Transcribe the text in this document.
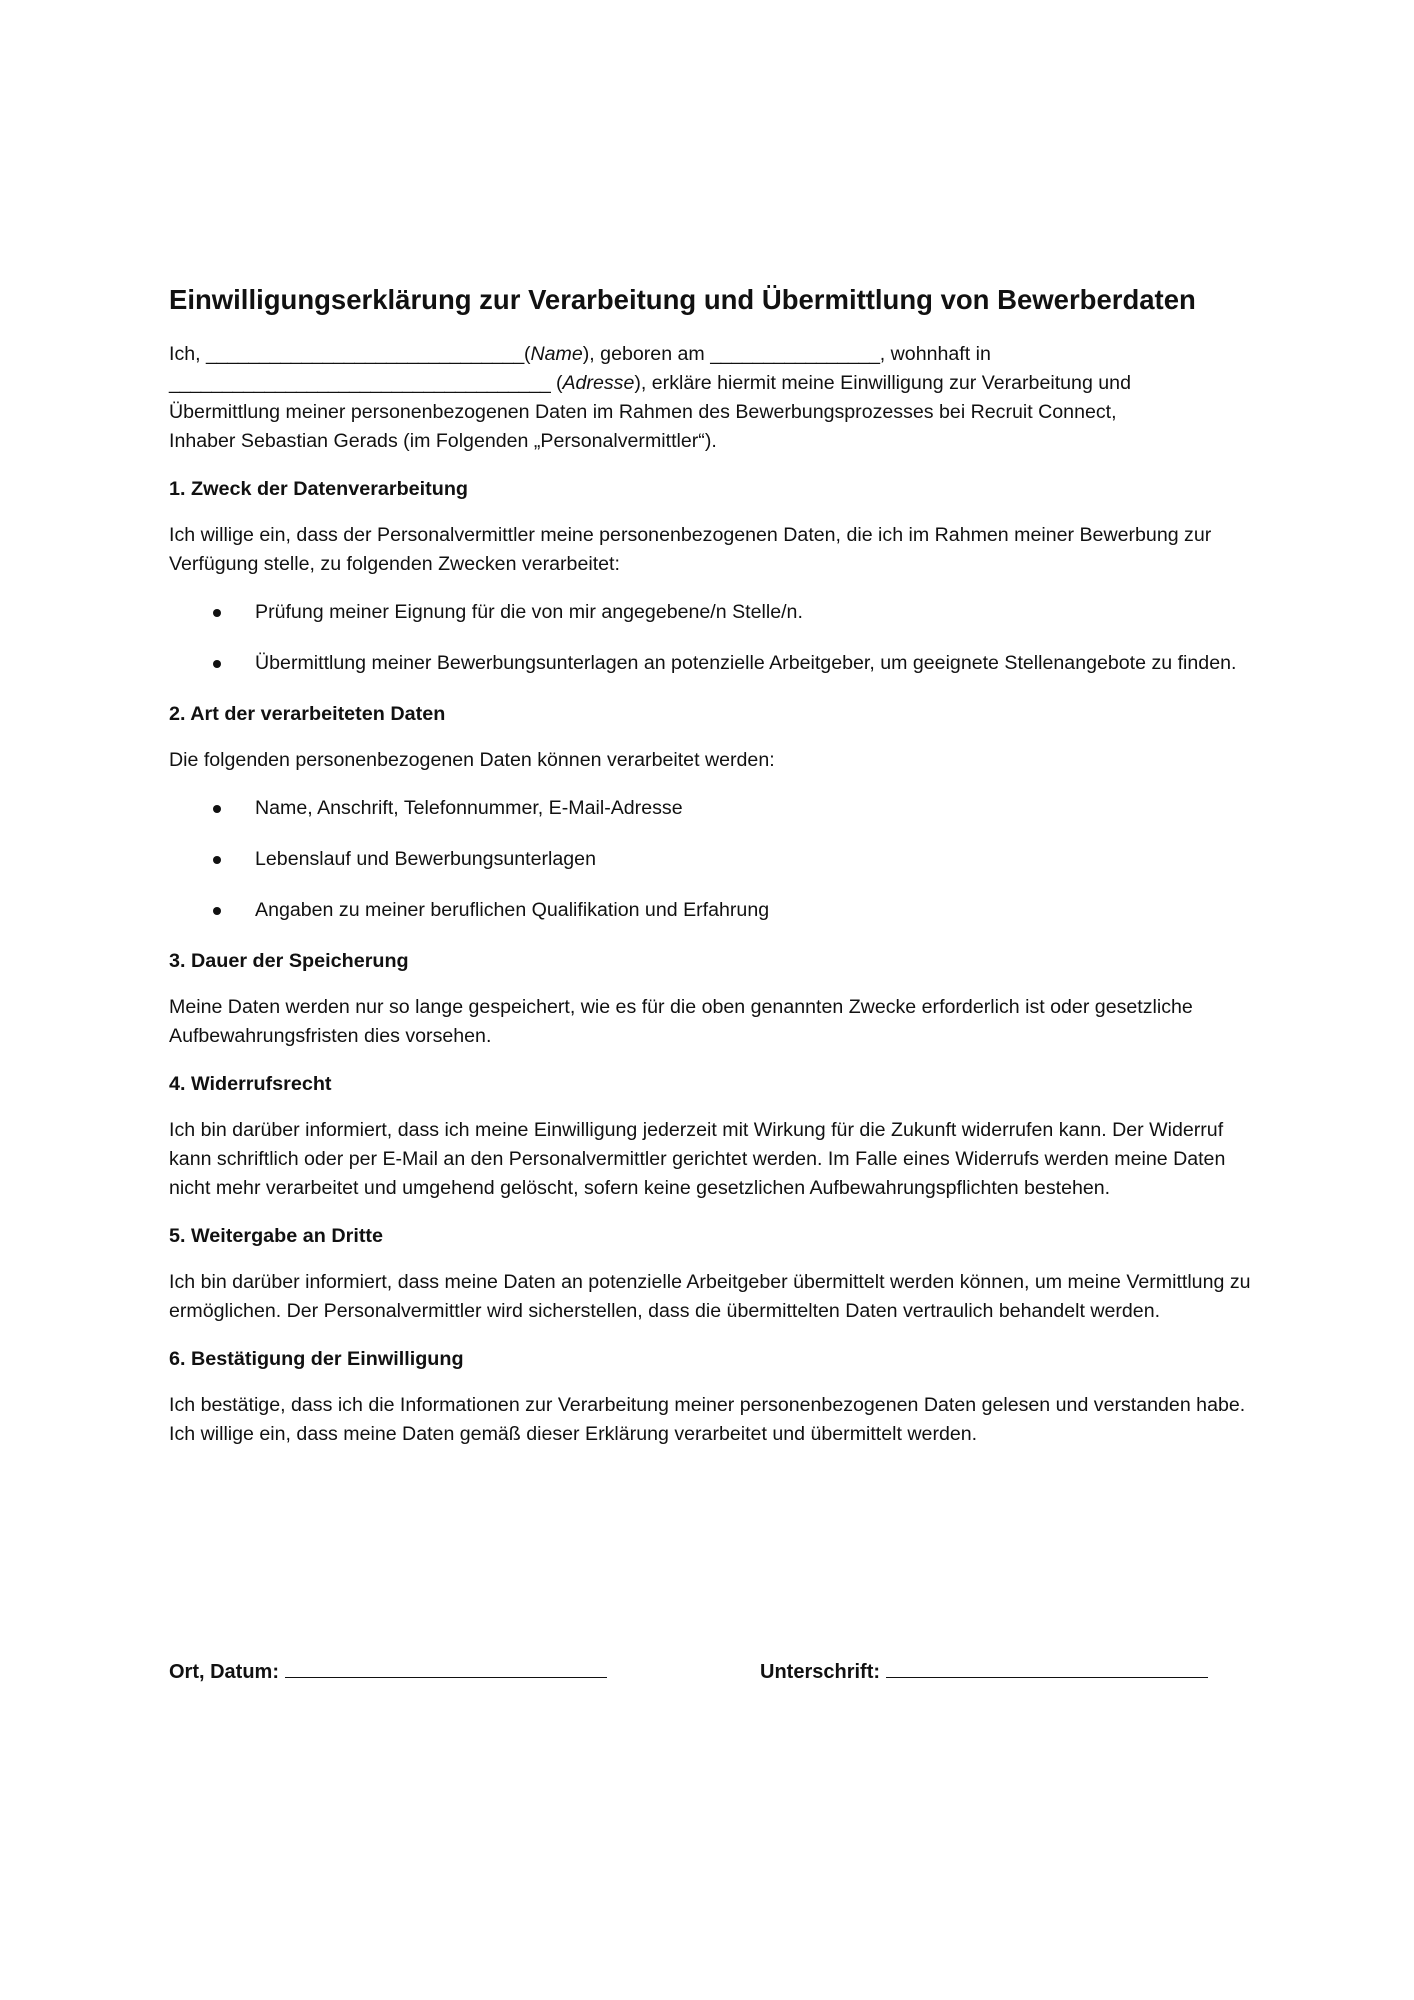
Einwilligungserklärung zur Verarbeitung und Übermittlung von Bewerberdaten
Ich, ______________________________(Name), geboren am ________________, wohnhaft in
____________________________________ (Adresse), erkläre hiermit meine Einwilligung zur Verarbeitung und
Übermittlung meiner personenbezogenen Daten im Rahmen des Bewerbungsprozesses bei Recruit Connect,
Inhaber Sebastian Gerads (im Folgenden „Personalvermittler“).
1. Zweck der Datenverarbeitung

Ich willige ein, dass der Personalvermittler meine personenbezogenen Daten, die ich im Rahmen meiner Bewerbung zur Verfügung stelle, zu folgenden Zwecken verarbeitet:

Prüfung meiner Eignung für die von mir angegebene/n Stelle/n.
Übermittlung meiner Bewerbungsunterlagen an potenzielle Arbeitgeber, um geeignete Stellenangebote zu finden.
2. Art der verarbeiteten Daten

Die folgenden personenbezogenen Daten können verarbeitet werden:

Name, Anschrift, Telefonnummer, E-Mail-Adresse
Lebenslauf und Bewerbungsunterlagen
Angaben zu meiner beruflichen Qualifikation und Erfahrung
3. Dauer der Speicherung

Meine Daten werden nur so lange gespeichert, wie es für die oben genannten Zwecke erforderlich ist oder gesetzliche Aufbewahrungsfristen dies vorsehen.

4. Widerrufsrecht

Ich bin darüber informiert, dass ich meine Einwilligung jederzeit mit Wirkung für die Zukunft widerrufen kann. Der Widerruf kann schriftlich oder per E-Mail an den Personalvermittler gerichtet werden. Im Falle eines Widerrufs werden meine Daten nicht mehr verarbeitet und umgehend gelöscht, sofern keine gesetzlichen Aufbewahrungspflichten bestehen.

5. Weitergabe an Dritte

Ich bin darüber informiert, dass meine Daten an potenzielle Arbeitgeber übermittelt werden können, um meine Vermittlung zu ermöglichen. Der Personalvermittler wird sicherstellen, dass die übermittelten Daten vertraulich behandelt werden.

6. Bestätigung der Einwilligung

Ich bestätige, dass ich die Informationen zur Verarbeitung meiner personenbezogenen Daten gelesen und verstanden habe. Ich willige ein, dass meine Daten gemäß dieser Erklärung verarbeitet und übermittelt werden.

Ort, Datum:	Unterschrift:
